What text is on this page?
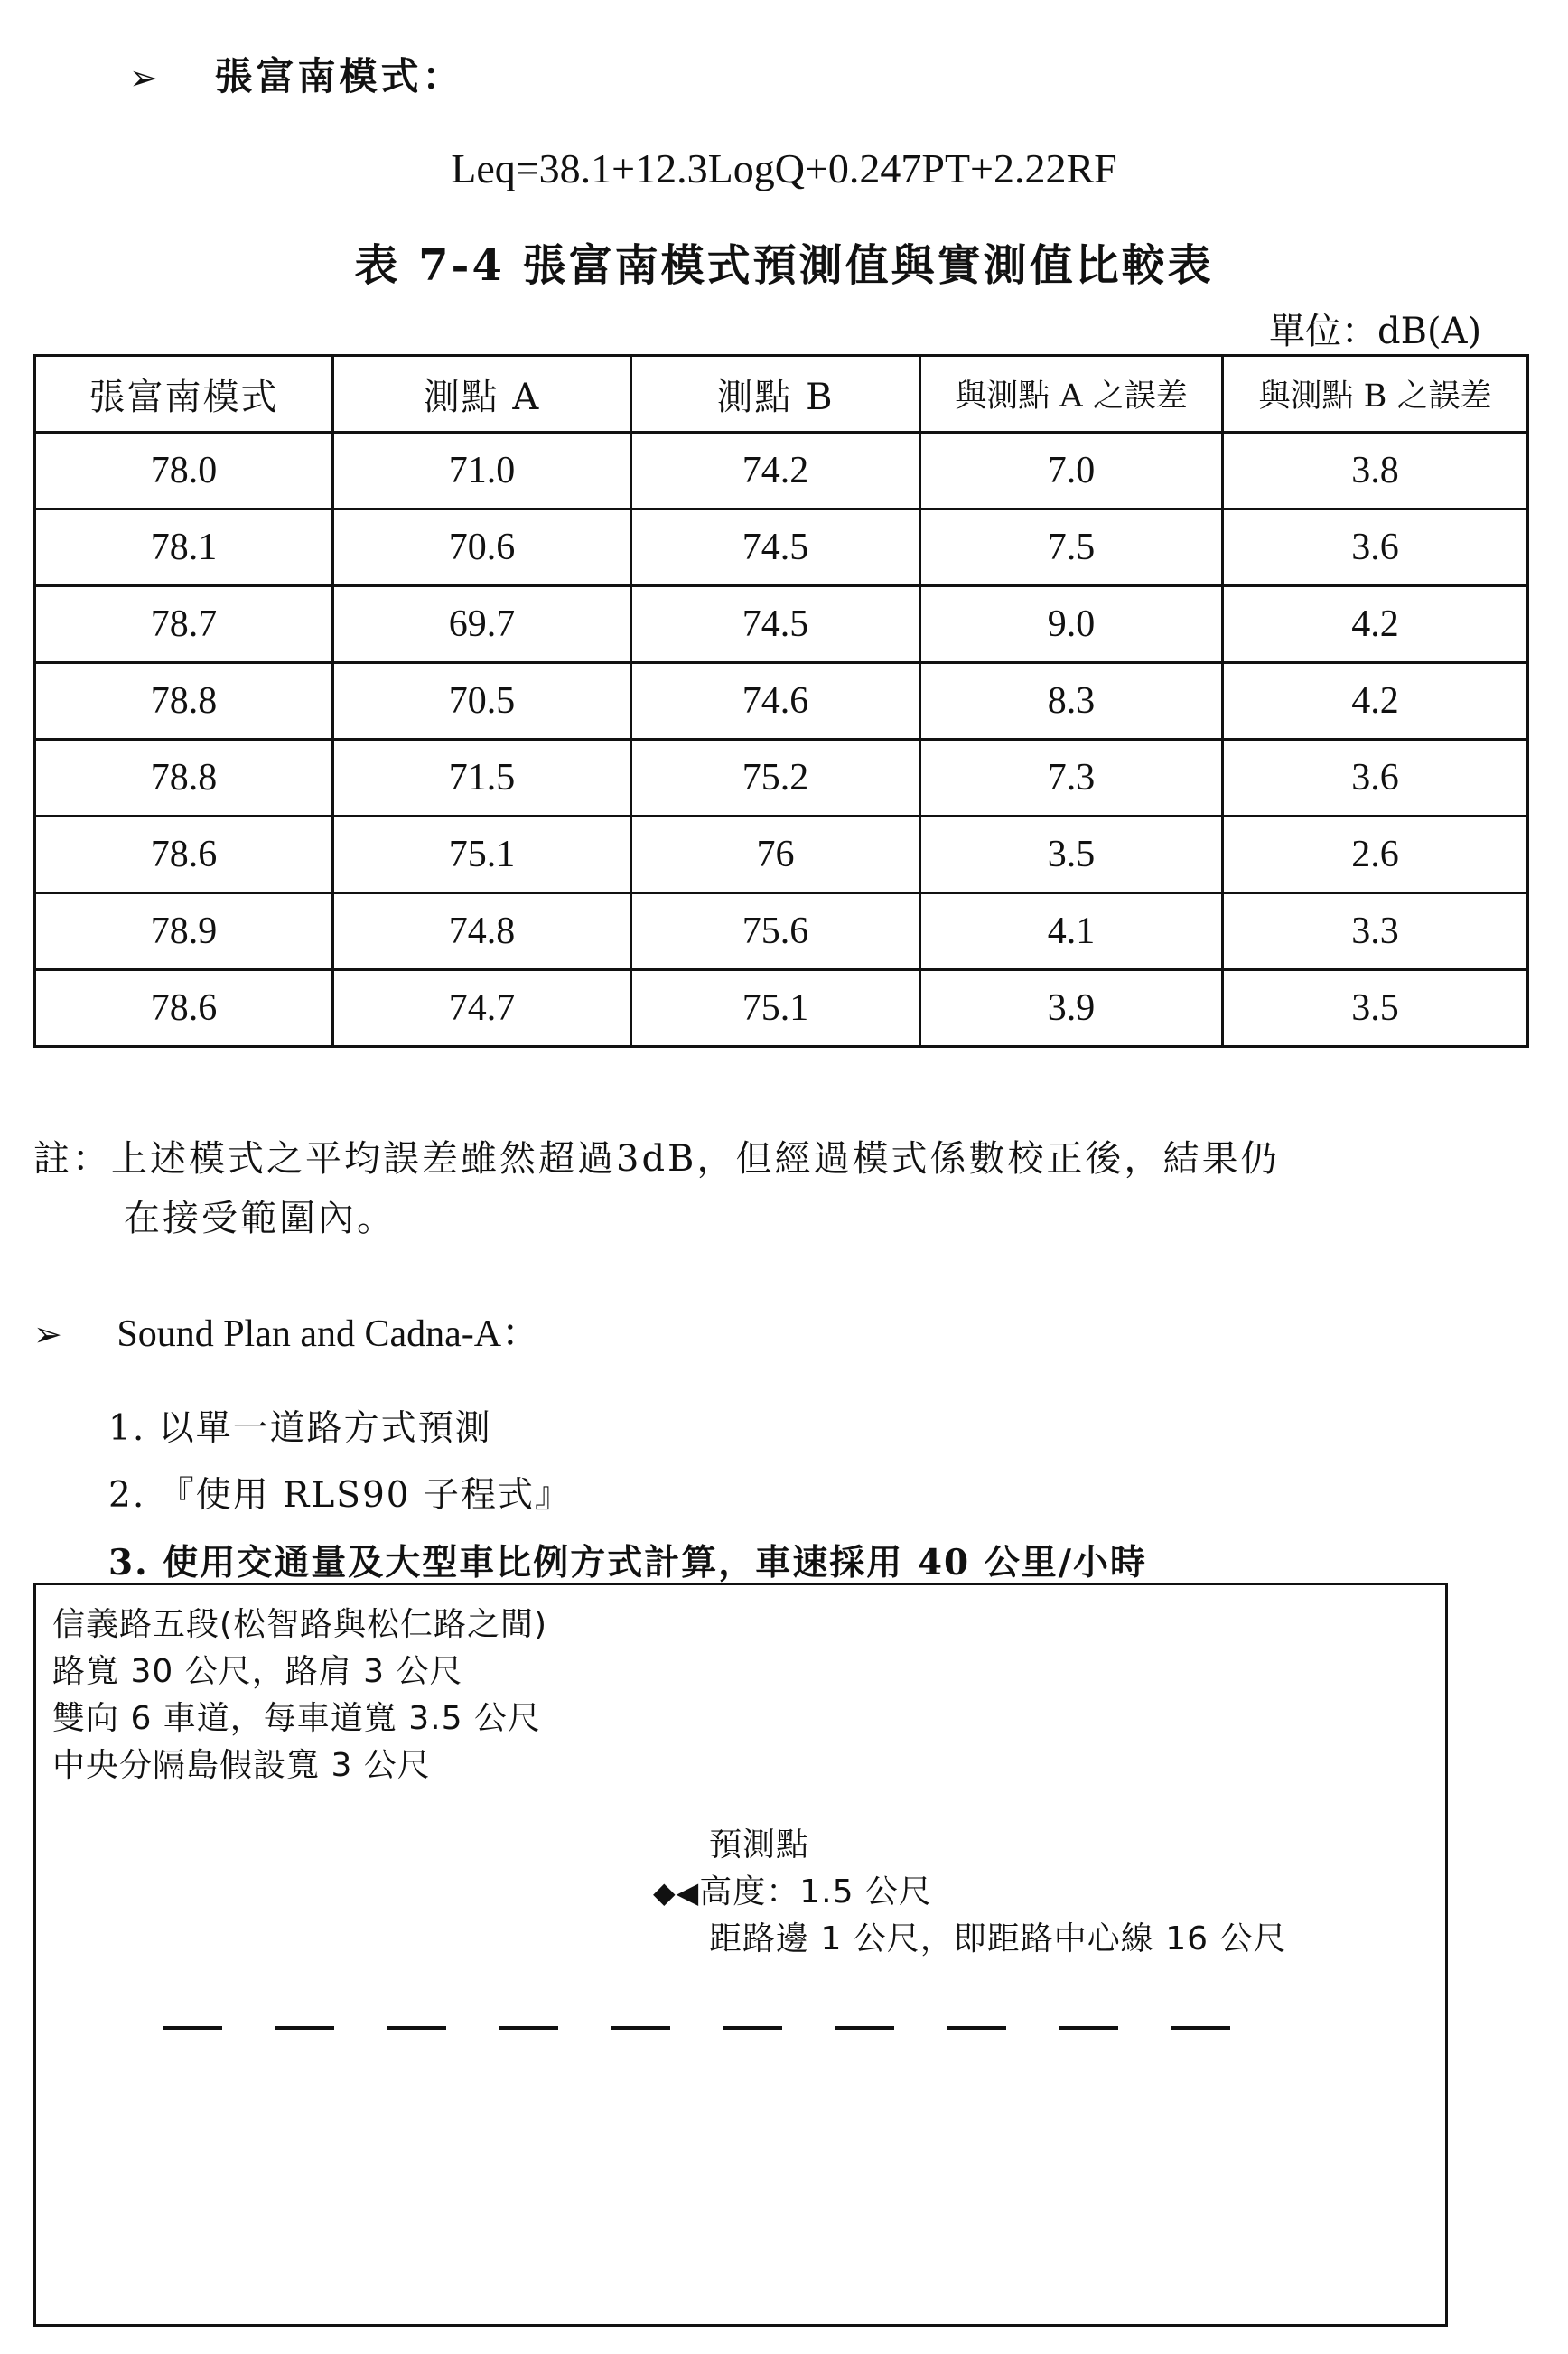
➢ 張富南模式：
Leq=38.1+12.3LogQ+0.247PT+2.22RF
表 7-4 張富南模式預測值與實測值比較表
單位：dB(A)
張富南模式	測點 A	測點 B	與測點 A 之誤差	與測點 B 之誤差
78.0	71.0	74.2	7.0	3.8
78.1	70.6	74.5	7.5	3.6
78.7	69.7	74.5	9.0	4.2
78.8	70.5	74.6	8.3	4.2
78.8	71.5	75.2	7.3	3.6
78.6	75.1	76	3.5	2.6
78.9	74.8	75.6	4.1	3.3
78.6	74.7	75.1	3.9	3.5
註：上述模式之平均誤差雖然超過3dB，但經過模式係數校正後，結果仍
在接受範圍內。
➢ Sound Plan and Cadna-A：
1. 以單一道路方式預測
2. 『使用 RLS90 子程式』
3. 使用交通量及大型車比例方式計算，車速採用 40 公里/小時
信義路五段(松智路與松仁路之間)
路寬 30 公尺，路肩 3 公尺
雙向 6 車道，每車道寬 3.5 公尺
中央分隔島假設寬 3 公尺
預測點
◆◀高度：1.5 公尺
距路邊 1 公尺，即距路中心線 16 公尺
